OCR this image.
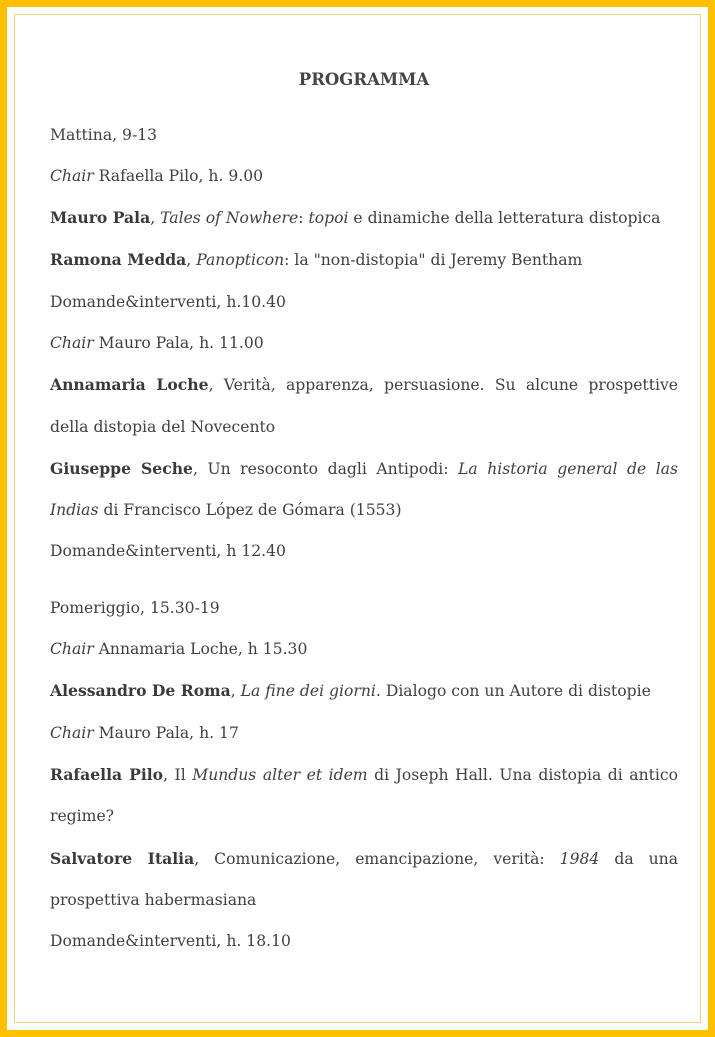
PROGRAMMA

Mattina, 9-13

Chair Rafaella Pilo, h. 9.00

Mauro Pala, Tales of Nowhere: topoi e dinamiche della letteratura distopica

Ramona Medda, Panopticon: la "non-distopia" di Jeremy Bentham

Domande&interventi, h.10.40

Chair Mauro Pala, h. 11.00

Annamaria Loche, Verità, apparenza, persuasione. Su alcune prospettive della distopia del Novecento

Giuseppe Seche, Un resoconto dagli Antipodi: La historia general de las Indias di Francisco López de Gómara (1553)

Domande&interventi, h 12.40

Pomeriggio, 15.30-19

Chair Annamaria Loche, h 15.30

Alessandro De Roma, La fine dei giorni. Dialogo con un Autore di distopie

Chair Mauro Pala, h. 17

Rafaella Pilo, Il Mundus alter et idem di Joseph Hall. Una distopia di antico regime?

Salvatore Italia, Comunicazione, emancipazione, verità: 1984 da una prospettiva habermasiana

Domande&interventi, h. 18.10
